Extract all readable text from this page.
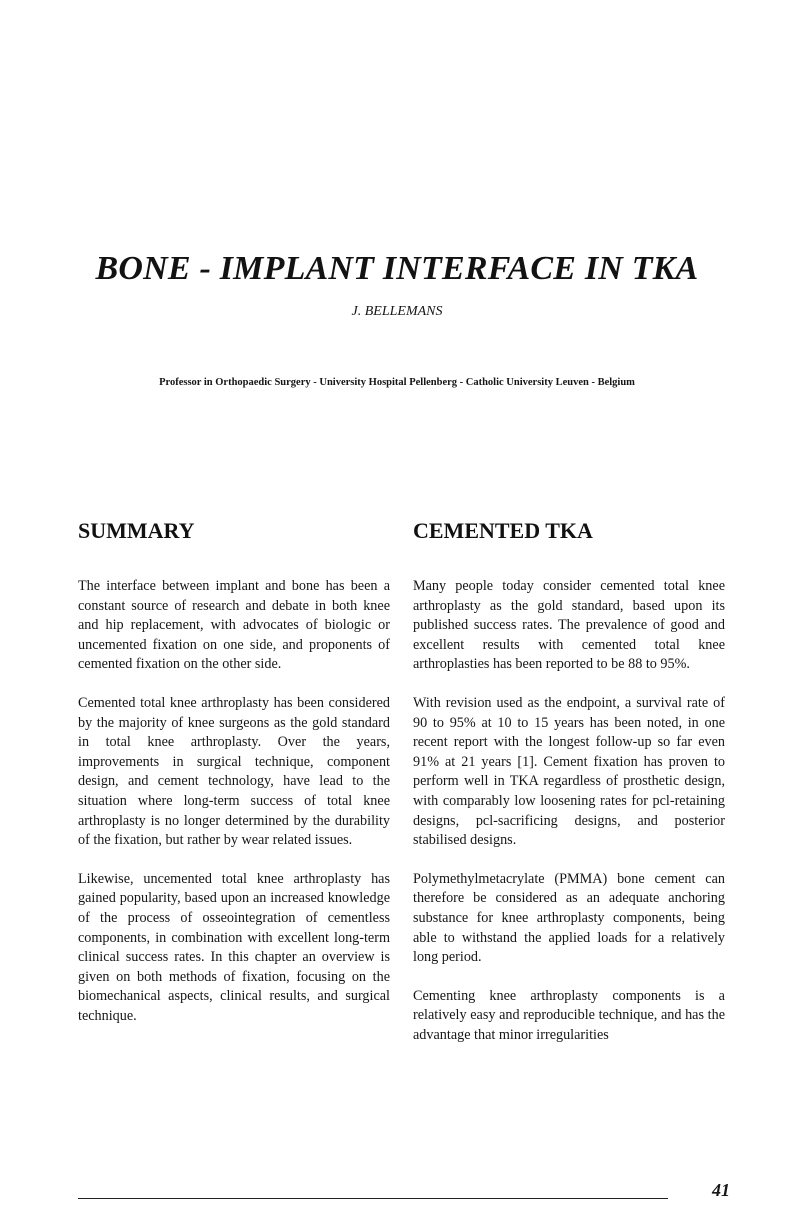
BONE - IMPLANT INTERFACE IN TKA

J. BELLEMANS

Professor in Orthopaedic Surgery - University Hospital Pellenberg - Catholic University Leuven - Belgium

SUMMARY

The interface between implant and bone has been a constant source of research and debate in both knee and hip replacement, with advocates of biologic or uncemented fixation on one side, and proponents of cemented fixation on the other side.

Cemented total knee arthroplasty has been considered by the majority of knee surgeons as the gold standard in total knee arthroplasty. Over the years, improvements in surgical technique, component design, and cement technology, have lead to the situation where long-term success of total knee arthroplasty is no longer determined by the durability of the fixation, but rather by wear related issues.

Likewise, uncemented total knee arthroplasty has gained popularity, based upon an increased knowledge of the process of osseointegration of cementless components, in combination with excellent long-term clinical success rates. In this chapter an overview is given on both methods of fixation, focusing on the biomechanical aspects, clinical results, and surgical technique.

CEMENTED TKA

Many people today consider cemented total knee arthroplasty as the gold standard, based upon its published success rates. The prevalence of good and excellent results with cemented total knee arthroplasties has been reported to be 88 to 95%.

With revision used as the endpoint, a survival rate of 90 to 95% at 10 to 15 years has been noted, in one recent report with the longest follow-up so far even 91% at 21 years [1]. Cement fixation has proven to perform well in TKA regardless of prosthetic design, with comparably low loosening rates for pcl-retaining designs, pcl-sacrificing designs, and posterior stabilised designs.

Polymethylmetacrylate (PMMA) bone cement can therefore be considered as an adequate anchoring substance for knee arthroplasty components, being able to withstand the applied loads for a relatively long period.

Cementing knee arthroplasty components is a relatively easy and reproducible technique, and has the advantage that minor irregularities

41
